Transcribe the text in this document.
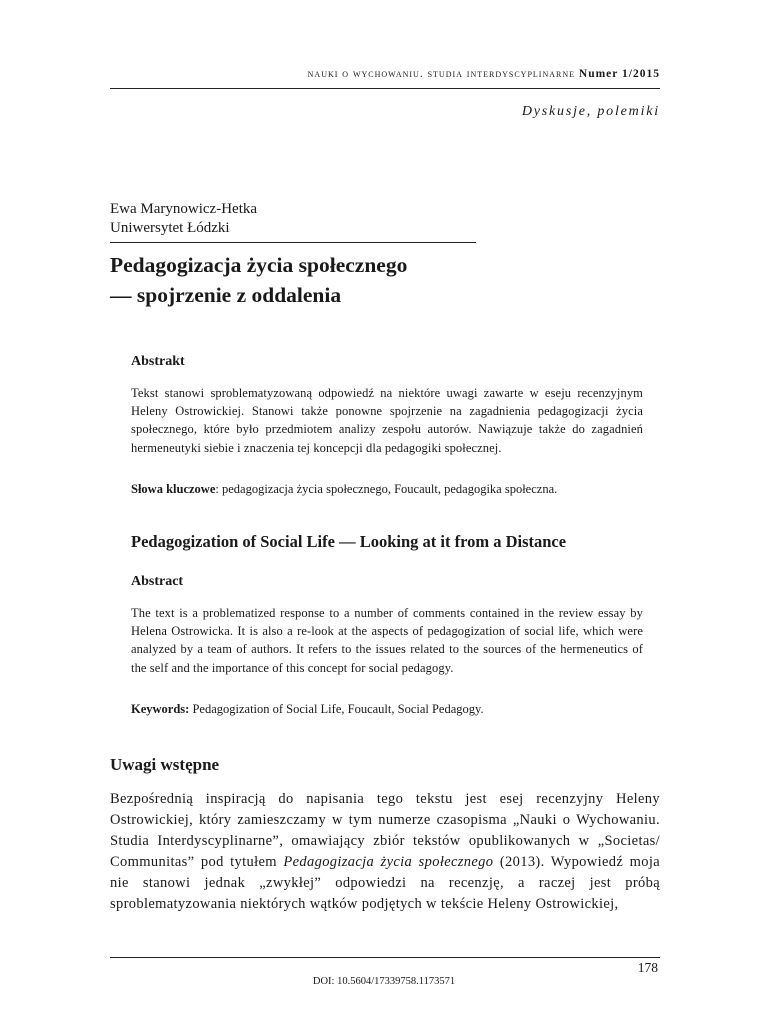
nauki o wychowaniu. studia interdyscyplinarne Numer 1/2015
Dyskusje, polemiki
Ewa Marynowicz-Hetka
Uniwersytet Łódzki
Pedagogizacja życia społecznego
— spojrzenie z oddalenia
Abstrakt
Tekst stanowi sproblematyzowaną odpowiedź na niektóre uwagi zawarte w eseju recenzyjnym Heleny Ostrowickiej. Stanowi także ponowne spojrzenie na zagadnienia pedagogizacji życia społecznego, które było przedmiotem analizy zespołu autorów. Nawiązuje także do zagadnień hermeneutyki siebie i znaczenia tej koncepcji dla pedagogiki społecznej.
Słowa kluczowe: pedagogizacja życia społecznego, Foucault, pedagogika społeczna.
Pedagogization of Social Life — Looking at it from a Distance
Abstract
The text is a problematized response to a number of comments contained in the review essay by Helena Ostrowicka. It is also a re-look at the aspects of pedagogization of social life, which were analyzed by a team of authors. It refers to the issues related to the sources of the hermeneutics of the self and the importance of this concept for social pedagogy.
Keywords: Pedagogization of Social Life, Foucault, Social Pedagogy.
Uwagi wstępne
Bezpośrednią inspiracją do napisania tego tekstu jest esej recenzyjny Heleny Ostrowickiej, który zamieszczamy w tym numerze czasopisma „Nauki o Wychowaniu. Studia Interdyscyplinarne”, omawiający zbiór tekstów opublikowanych w „Societas/ Communitas” pod tytułem Pedagogizacja życia społecznego (2013). Wypowiedź moja nie stanowi jednak „zwykłej” odpowiedzi na recenzję, a raczej jest próbą sproblematyzowania niektórych wątków podjętych w tekście Heleny Ostrowickiej,
178
DOI: 10.5604/17339758.1173571
